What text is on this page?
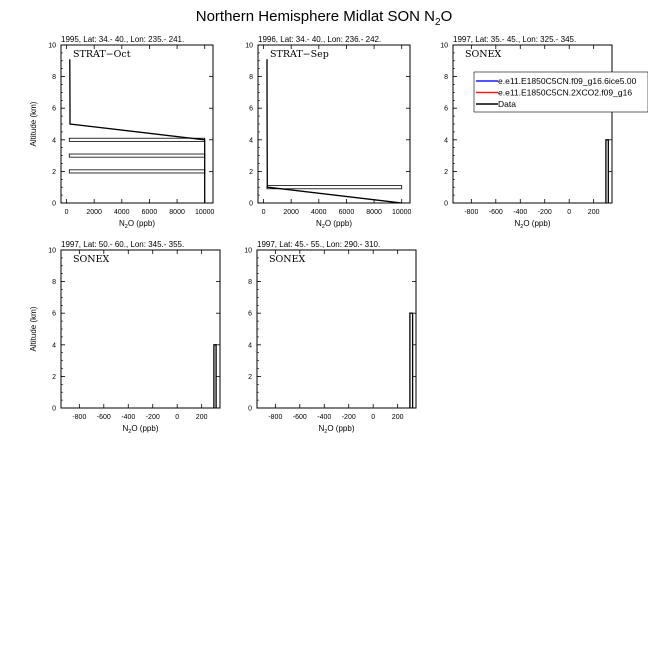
Northern Hemisphere Midlat SON $N_2O$
1995, Lat: 34.- 40., Lon: 235.- 241.
0
2
4
6
8
10
0	2000 4000 6000 8000 10000
$N_2O$ (ppb)
Altitude (km)
STRAT−Oct
1996, Lat: 34.- 40., Lon: 236.- 242.
0
2
4
6
8
10
0	2000 4000 6000 8000 10000
$N_2O$ (ppb)
STRAT−Sep
1997, Lat: 35.- 45., Lon: 325.- 345.
0
2
4
6
8
10
-800 -600 -400 -200 0 200
$N_2O$ (ppb)
SONEX
e.e11.E1850C5CN.f09_g16.6ice5.00
e.e11.E1850C5CN.2XCO2.f09_g16
Data
1997, Lat: 50.- 60., Lon: 345.- 355.
0
2
4
6
8
10
-800 -600 -400 -200 0 200
$N_2O$ (ppb)
Altitude (km)
SONEX
1997, Lat: 45.- 55., Lon: 290.- 310.
0
2
4
6
8
10
-800 -600 -400 -200 0 200
$N_2O$ (ppb)
SONEX
